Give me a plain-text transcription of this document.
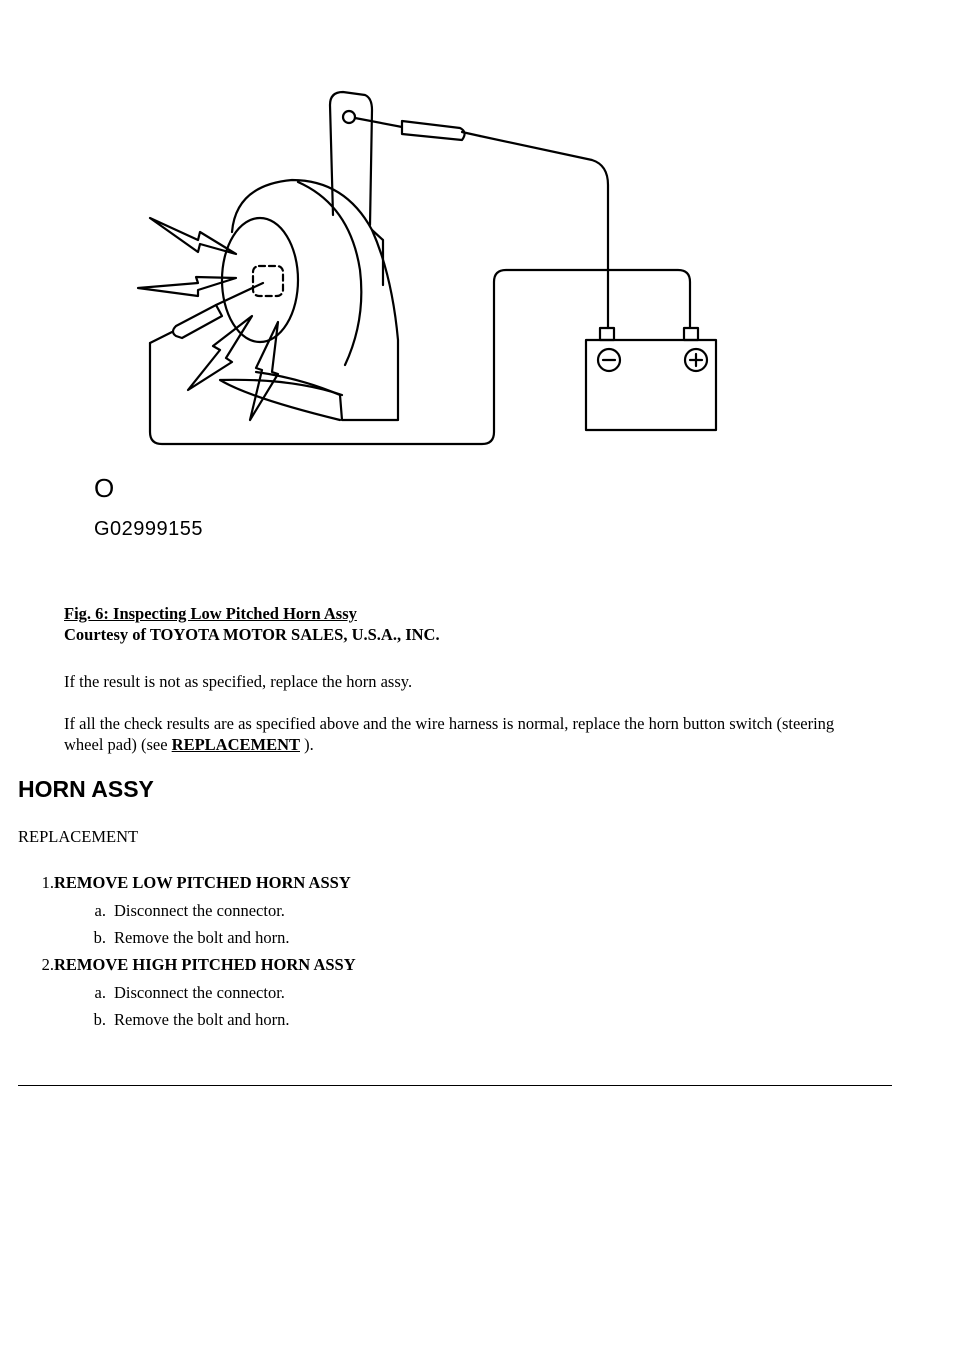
O
G02999155
Fig. 6: Inspecting Low Pitched Horn Assy
Courtesy of TOYOTA MOTOR SALES, U.S.A., INC.
If the result is not as specified, replace the horn assy.
If all the check results are as specified above and the wire harness is normal, replace the horn button switch (steering wheel pad) (see REPLACEMENT ).
HORN ASSY
REPLACEMENT
1. REMOVE LOW PITCHED HORN ASSY
a. Disconnect the connector.
b. Remove the bolt and horn.
2. REMOVE HIGH PITCHED HORN ASSY
a. Disconnect the connector.
b. Remove the bolt and horn.
